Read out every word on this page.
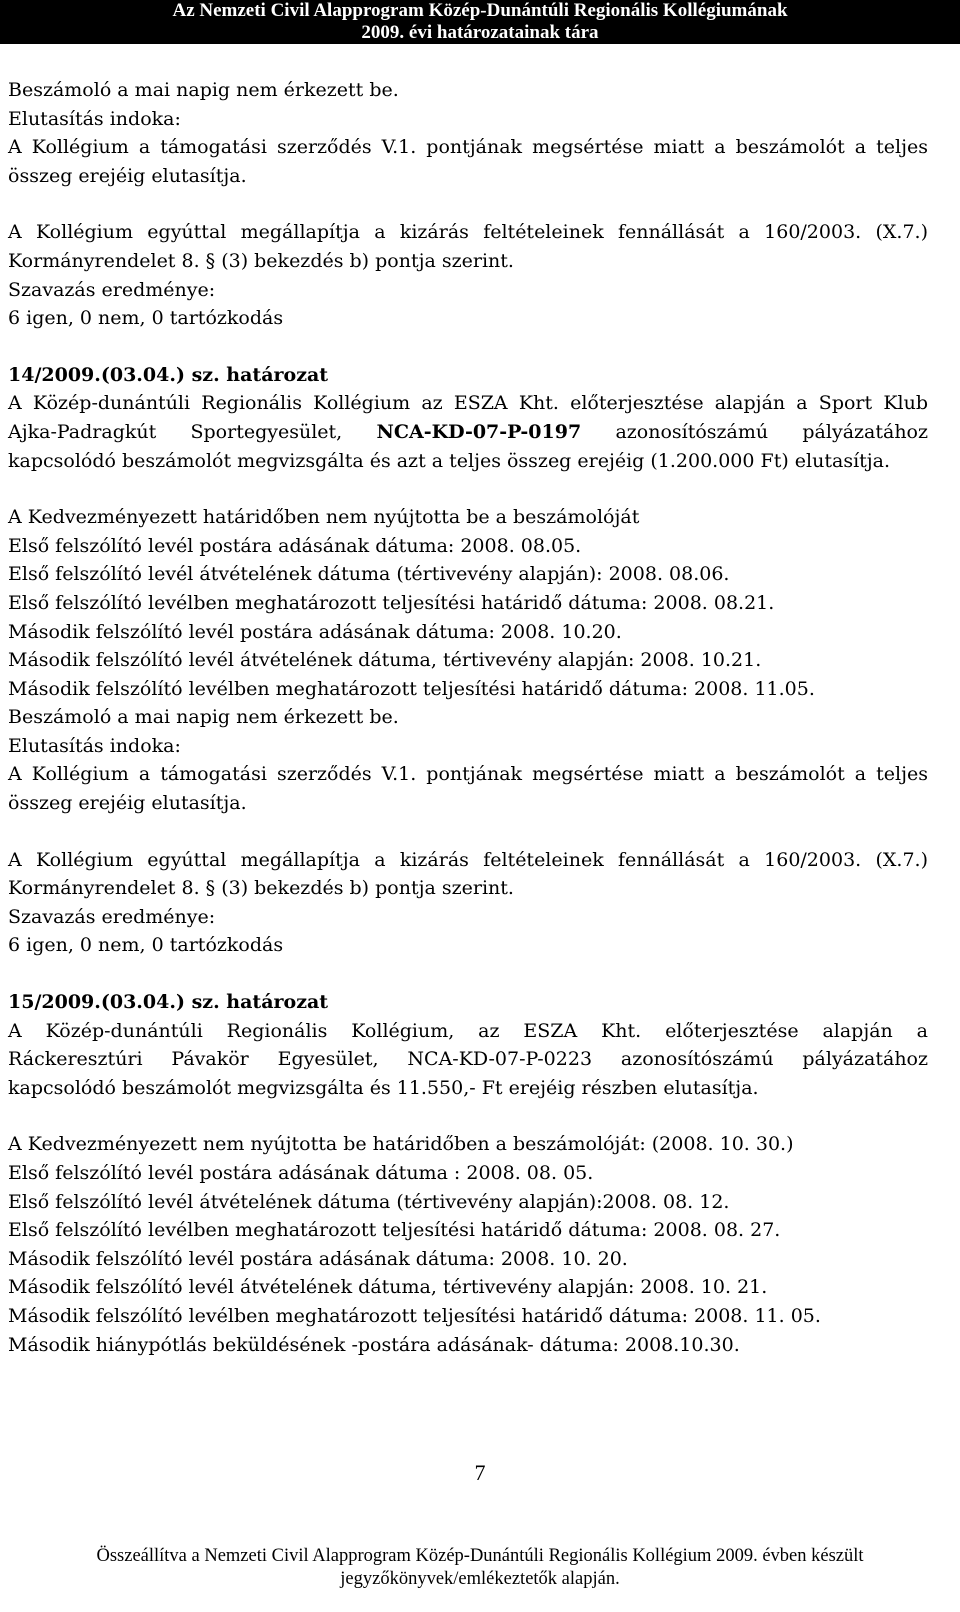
Az Nemzeti Civil Alapprogram Közép-Dunántúli Regionális Kollégiumának
2009. évi határozatainak tára

Beszámoló a mai napig nem érkezett be.

Elutasítás indoka:

A Kollégium a támogatási szerződés V.1. pontjának megsértése miatt a beszámolót a teljes

összeg erejéig elutasítja.

A Kollégium egyúttal megállapítja a kizárás feltételeinek fennállását a 160/2003. (X.7.)

Kormányrendelet 8. § (3) bekezdés b) pontja szerint.

Szavazás eredménye:

6 igen, 0 nem, 0 tartózkodás

14/2009.(03.04.) sz. határozat

A Közép-dunántúli Regionális Kollégium az ESZA Kht. előterjesztése alapján a Sport Klub

Ajka-Padragkút Sportegyesület, NCA-KD-07-P-0197 azonosítószámú pályázatához

kapcsolódó beszámolót megvizsgálta és azt a teljes összeg erejéig (1.200.000 Ft) elutasítja.

A Kedvezményezett határidőben nem nyújtotta be a beszámolóját

Első felszólító levél postára adásának dátuma: 2008. 08.05.

Első felszólító levél átvételének dátuma (tértivevény alapján): 2008. 08.06.

Első felszólító levélben meghatározott teljesítési határidő dátuma: 2008. 08.21.

Második felszólító levél postára adásának dátuma: 2008. 10.20.

Második felszólító levél átvételének dátuma, tértivevény alapján: 2008. 10.21.

Második felszólító levélben meghatározott teljesítési határidő dátuma: 2008. 11.05.

Beszámoló a mai napig nem érkezett be.

Elutasítás indoka:

A Kollégium a támogatási szerződés V.1. pontjának megsértése miatt a beszámolót a teljes

összeg erejéig elutasítja.

A Kollégium egyúttal megállapítja a kizárás feltételeinek fennállását a 160/2003. (X.7.)

Kormányrendelet 8. § (3) bekezdés b) pontja szerint.

Szavazás eredménye:

6 igen, 0 nem, 0 tartózkodás

15/2009.(03.04.) sz. határozat

A Közép-dunántúli Regionális Kollégium, az ESZA Kht. előterjesztése alapján a

Ráckeresztúri Pávakör Egyesület, NCA-KD-07-P-0223 azonosítószámú pályázatához

kapcsolódó beszámolót megvizsgálta és 11.550,- Ft erejéig részben elutasítja.

A Kedvezményezett nem nyújtotta be határidőben a beszámolóját: (2008. 10. 30.)

Első felszólító levél postára adásának dátuma : 2008. 08. 05.

Első felszólító levél átvételének dátuma (tértivevény alapján):2008. 08. 12.

Első felszólító levélben meghatározott teljesítési határidő dátuma: 2008. 08. 27.

Második felszólító levél postára adásának dátuma: 2008. 10. 20.

Második felszólító levél átvételének dátuma, tértivevény alapján: 2008. 10. 21.

Második felszólító levélben meghatározott teljesítési határidő dátuma: 2008. 11. 05.

Második hiánypótlás beküldésének -postára adásának- dátuma: 2008.10.30.

7
Összeállítva a Nemzeti Civil Alapprogram Közép-Dunántúli Regionális Kollégium 2009. évben készült
jegyzőkönyvek/emlékeztetők alapján.
